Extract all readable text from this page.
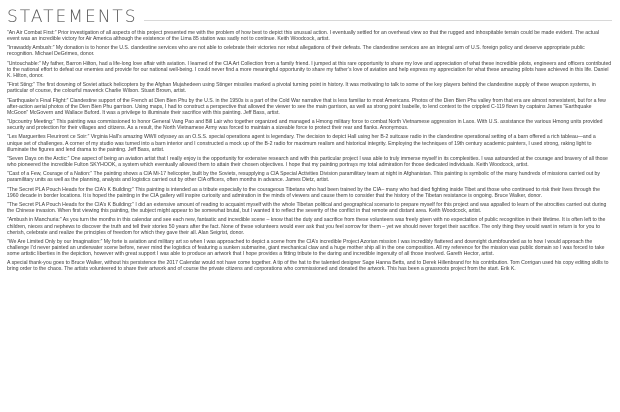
STATEMENTS

“An Air Combat First:” Prior investigation of all aspects of this project presented me with the problem of how best to depict this unusual action. I eventually settled for an overhead view so that the rugged and inhospitable terrain could be made evident. The actual event was an incredible victory for Air America although the existence of the Lima 85 station was sadly not to continue. Keith Woodcock, artist.

“Irrawaddy Ambush:” My donation is to honor the U.S. clandestine services who are not able to celebrate their victories nor rebut allegations of their defeats. The clandestine services are an integral arm of U.S. foreign policy and deserve appropriate public recognition. Michael DeGrimes, donor.

“Untouchable:” My father, Barron Hilton, had a life-long love affair with aviation. I learned of the CIA Art Collection from a family friend. I jumped at this rare opportunity to share my love and appreciation of what these incredible pilots, engineers and officers contributed to the national effort to defeat our enemies and provide for our national well-being. I could never find a more meaningful opportunity to share my father’s love of aviation and help express my appreciation for what these amazing pilots have achieved in this life. Daniel K. Hilton, donor.

“First Sting:” The first downing of Soviet attack helicopters by the Afghan Mujahedeen using Stinger missiles marked a pivotal turning point in history. It was motivating to talk to some of the key players behind the clandestine supply of these weapon systems, in particular of course, the colourful maverick Charlie Wilson. Stuart Brown, artist.

“Earthquake’s Final Flight:” Clandestine support of the French at Dien Bien Phu by the U.S. in the 1950s is a part of the Cold War narrative that is less familiar to most Americans. Photos of the Dien Bien Phu valley from that era are almost nonexistent, but for a few after-action aerial photos of the Dien Bien Phu garrison. Using maps, I had to construct a perspective that allowed the viewer to see the main garrison, as well as strong point Isabelle, to lend context to the crippled C-119 flown by captains James “Earthquake McGoon” McGovern and Wallace Buford. It was a privilege to illuminate their sacrifice with this painting. Jeff Bass, artist.

“Upcountry Meeting:” This painting was commissioned to honor General Vang Pao and Bill Lair who together organized and managed a Hmong military force to combat North Vietnamese aggression in Laos. With U.S. assistance the various Hmong units provided security and protection for their villages and citizens. As a result, the North Vietnamese Army was forced to maintain a sizeable force to protect their rear and flanks. Anonymous.

“Les Marguerites Fleuriront ce Soir:” Virginia Hall’s amazing WWII odyssey as an O.S.S. special operations agent is legendary. The decision to depict Hall using her B-2 suitcase radio in the clandestine operational setting of a barn offered a rich tableau—and a unique set of challenges. A corner of my studio was turned into a barn interior and I constructed a mock up of the B-2 radio for maximum realism and historical integrity. Employing the techniques of 19th century academic painters, I used strong, raking light to illuminate the figures and lend drama to the painting. Jeff Bass, artist.

“Seven Days on the Arctic:” One aspect of being an aviation artist that I really enjoy is the opportunity for extensive research and with this particular project I was able to truly immerse myself in its complexities. I was astounded at the courage and bravery of all those who pioneered the incredible Fulton SKYHOOK, a system which eventually allowed them to attain their chosen objectives. I hope that my painting portrays my total admiration for those dedicated individuals. Keith Woodcock, artist.

“Cast of a Few, Courage of a Nation:” The painting shows a CIA Mi-17 helicopter, built by the Soviets, resupplying a CIA Special Activities Division paramilitary team at night in Afghanistan. This painting is symbolic of the many hundreds of missions carried out by paramilitary units as well as the planning, analysis and logistics carried out by other CIA officers, often months in advance. James Dietz, artist.

“The Secret PLA Pouch Heads for the CIA’s K Building:” This painting is intended as a tribute especially to the courageous Tibetans who had been trained by the CIA– many who had died fighting inside Tibet and those who continued to risk their lives through the 1960 decade in border locations. It is hoped the painting in the CIA gallery will inspire curiosity and admiration in the minds of viewers and cause them to consider that the history of the Tibetan resistance is ongoing. Bruce Walker, donor.

“The Secret PLA Pouch Heads for the CIA’s K Building:” I did an extensive amount of reading to acquaint myself with the whole Tibetan political and geographical scenario to prepare myself for this project and was appalled to learn of the atrocities carried out during the Chinese invasion. When first viewing this painting, the subject might appear to be somewhat brutal, but I wanted it to reflect the severity of the conflict in that remote and distant area. Keith Woodcock, artist.

“Ambush in Manchuria:” As you turn the months in this calendar and see each new, fantastic and incredible scene – know that the duty and sacrifice from these volunteers was freely given with no expectation of public recognition in their lifetime. It is often left to the children, nieces and nephews to discover the truth and tell their stories 50 years after the fact. None of these volunteers would ever ask that you feel sorrow for them – yet we should never forget their sacrifice. The only thing they would want in return is for you to cherish, celebrate and realize the principles of freedom for which they gave their all. Alan Seigrist, donor.

“We Are Limited Only by our Imagination:” My forte is aviation and military art so when I was approached to depict a scene from the CIA’s incredible Project Azorian mission I was incredibly flattered and downright dumbfounded as to how I would approach the challenge I’d never painted an underwater scene before, never mind the logistics of featuring a sunken submarine, giant mechanical claw and a huge mother ship all in the one composition. All my reference for the mission was public domain so I was forced to take some artistic liberties in the depiction, however with great support I was able to produce an artwork that I hope provides a fitting tribute to the daring and incredible ingenuity of all those involved. Gareth Hector, artist.

A special thank-you goes to Bruce Walker, without his persistence the 2017 Calendar would not have come together. A tip of the hat to the talented designer Sage Hanna Betts, and to Derek Hillenbrand for his contribution. Tom Corrigan used his copy editing skills to bring order to the chaos. The artists volunteered to share their artwork and of course the private citizens and corporations who commissioned and donated the artwork. This has been a grassroots project from the start. Erik K.
